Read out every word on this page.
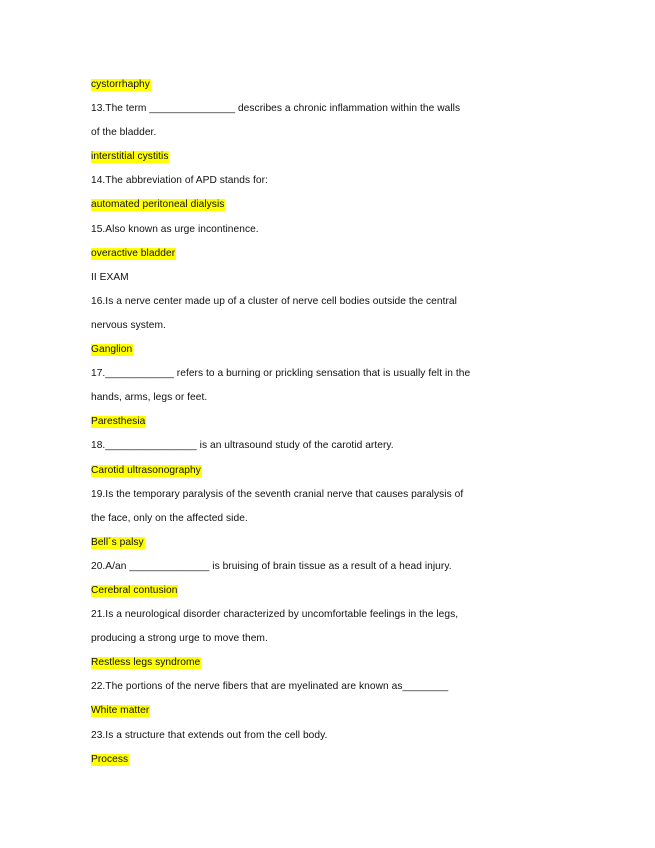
cystorrhaphy
13.The term _______________ describes a chronic inflammation within the walls
of the bladder.
interstitial cystitis
14.The abbreviation of APD stands for:
automated peritoneal dialysis
15.Also known as urge incontinence.
overactive bladder
II EXAM
16.Is a nerve center made up of a cluster of nerve cell bodies outside the central
nervous system.
Ganglion
17.____________ refers to a burning or prickling sensation that is usually felt in the
hands, arms, legs or feet.
Paresthesia
18.________________ is an ultrasound study of the carotid artery.
Carotid ultrasonography
19.Is the temporary paralysis of the seventh cranial nerve that causes paralysis of
the face, only on the affected side.
Bell´s palsy
20.A/an ______________ is bruising of brain tissue as a result of a head injury.
Cerebral contusion
21.Is a neurological disorder characterized by uncomfortable feelings in the legs,
producing a strong urge to move them.
Restless legs syndrome
22.The portions of the nerve fibers that are myelinated are known as________
White matter
23.Is a structure that extends out from the cell body.
Process
